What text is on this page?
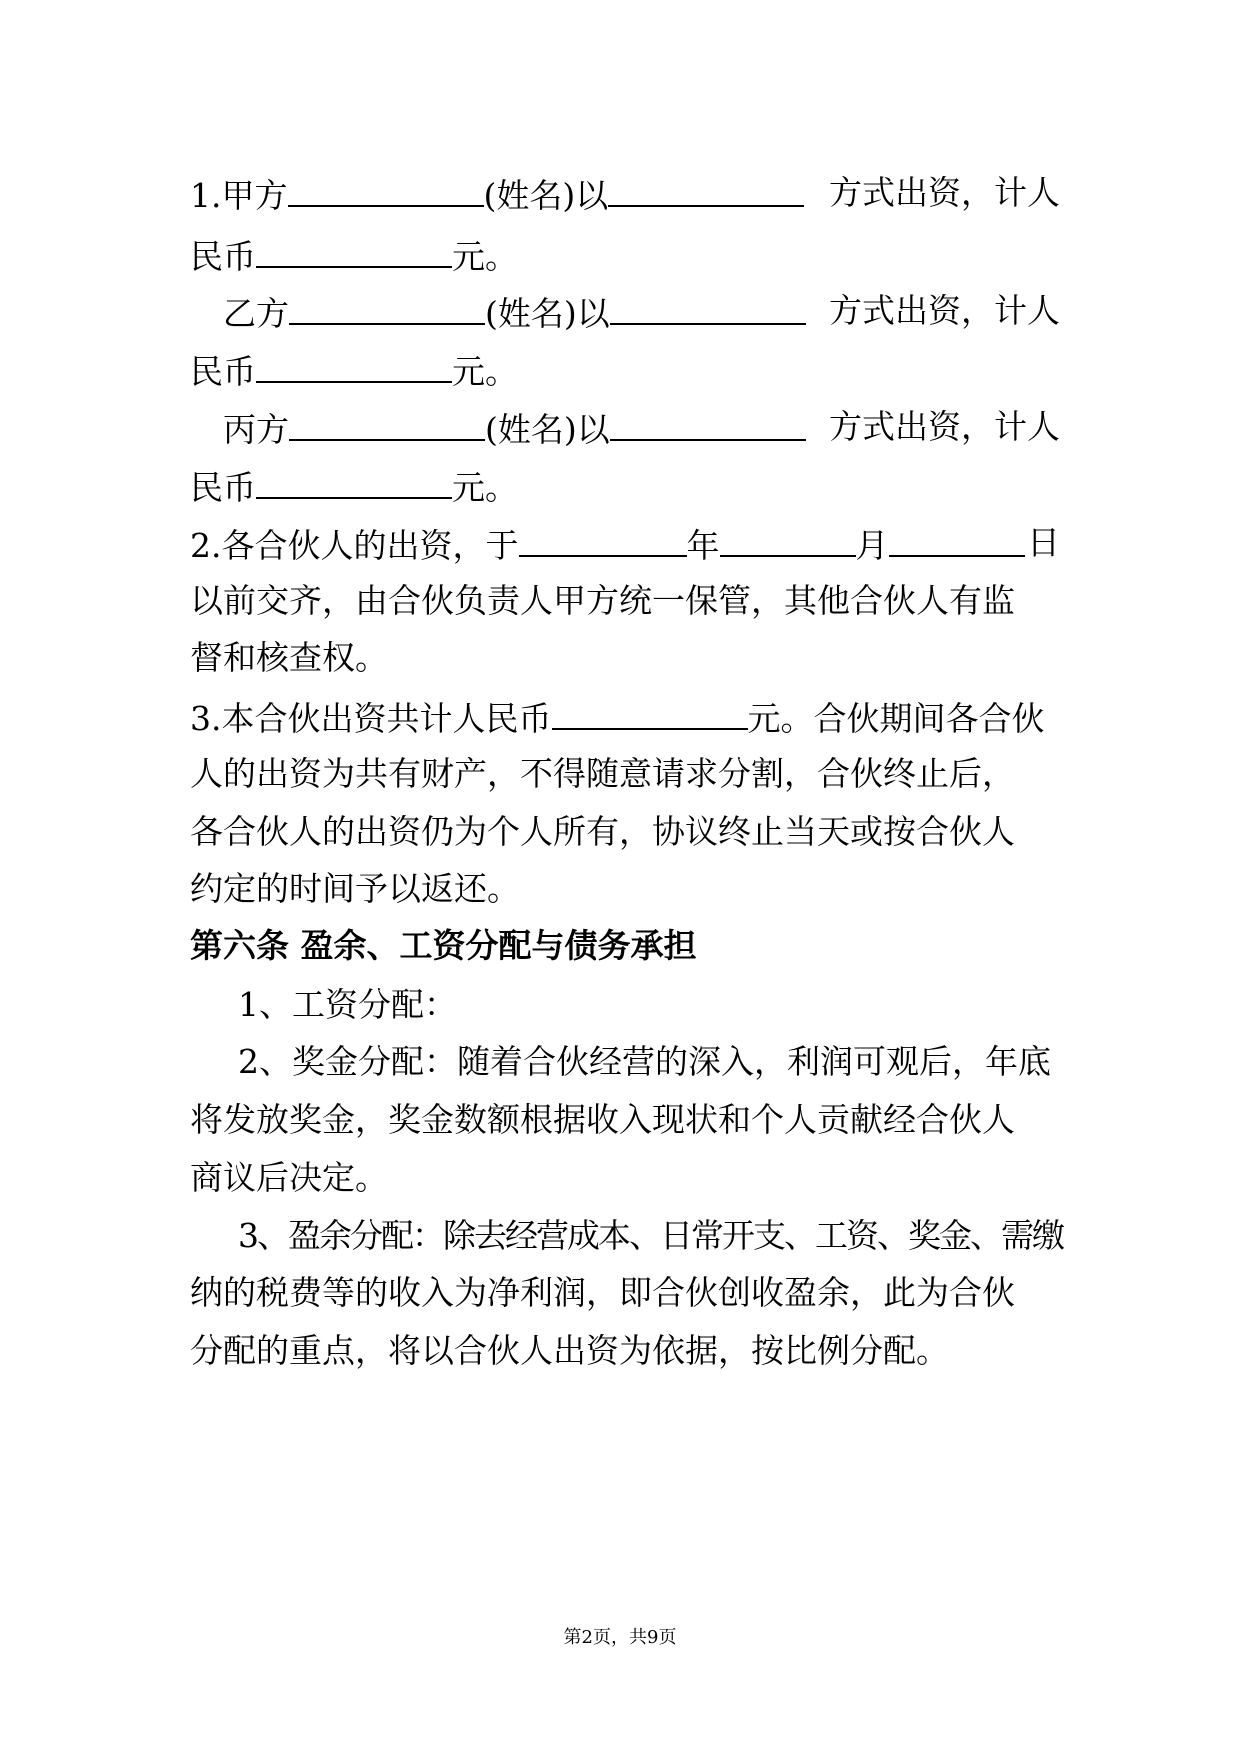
1.甲方	(姓名)以	方式出资，计人
民币	元。
乙方	(姓名)以	方式出资，计人
民币	元。
丙方	(姓名)以	方式出资，计人
民币	元。
2.各合伙人的出资，于	年	月	日
以前交齐，由合伙负责人甲方统一保管，其他合伙人有监
督和核查权。
3.本合伙出资共计人民币	元。合伙期间各合伙
人的出资为共有财产，不得随意请求分割，合伙终止后，
各合伙人的出资仍为个人所有，协议终止当天或按合伙人
约定的时间予以返还。
第六条 盈余、工资分配与债务承担
1、工资分配：
2、奖金分配：随着合伙经营的深入，利润可观后，年底
将发放奖金，奖金数额根据收入现状和个人贡献经合伙人
商议后决定。
3、盈余分配：除去经营成本、日常开支、工资、奖金、需缴
纳的税费等的收入为净利润，即合伙创收盈余，此为合伙
分配的重点，将以合伙人出资为依据，按比例分配。
第2页，共9页
